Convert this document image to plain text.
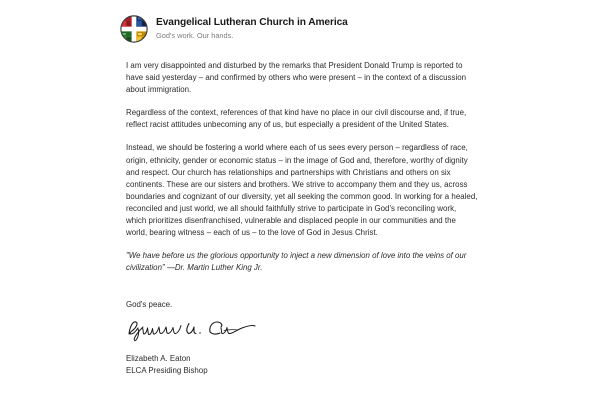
Evangelical Lutheran Church in America
God's work. Our hands.

I am very disappointed and disturbed by the remarks that President Donald Trump is reported to have said yesterday – and confirmed by others who were present – in the context of a discussion about immigration.

Regardless of the context, references of that kind have no place in our civil discourse and, if true, reflect racist attitudes unbecoming any of us, but especially a president of the United States.

Instead, we should be fostering a world where each of us sees every person – regardless of race, origin, ethnicity, gender or economic status – in the image of God and, therefore, worthy of dignity and respect. Our church has relationships and partnerships with Christians and others on six continents. These are our sisters and brothers. We strive to accompany them and they us, across boundaries and cognizant of our diversity, yet all seeking the common good. In working for a healed, reconciled and just world, we all should faithfully strive to participate in God's reconciling work, which prioritizes disenfranchised, vulnerable and displaced people in our communities and the world, bearing witness – each of us – to the love of God in Jesus Christ.

"We have before us the glorious opportunity to inject a new dimension of love into the veins of our civilization" —Dr. Martin Luther King Jr.

God's peace.
Elizabeth A. Eaton
ELCA Presiding Bishop
